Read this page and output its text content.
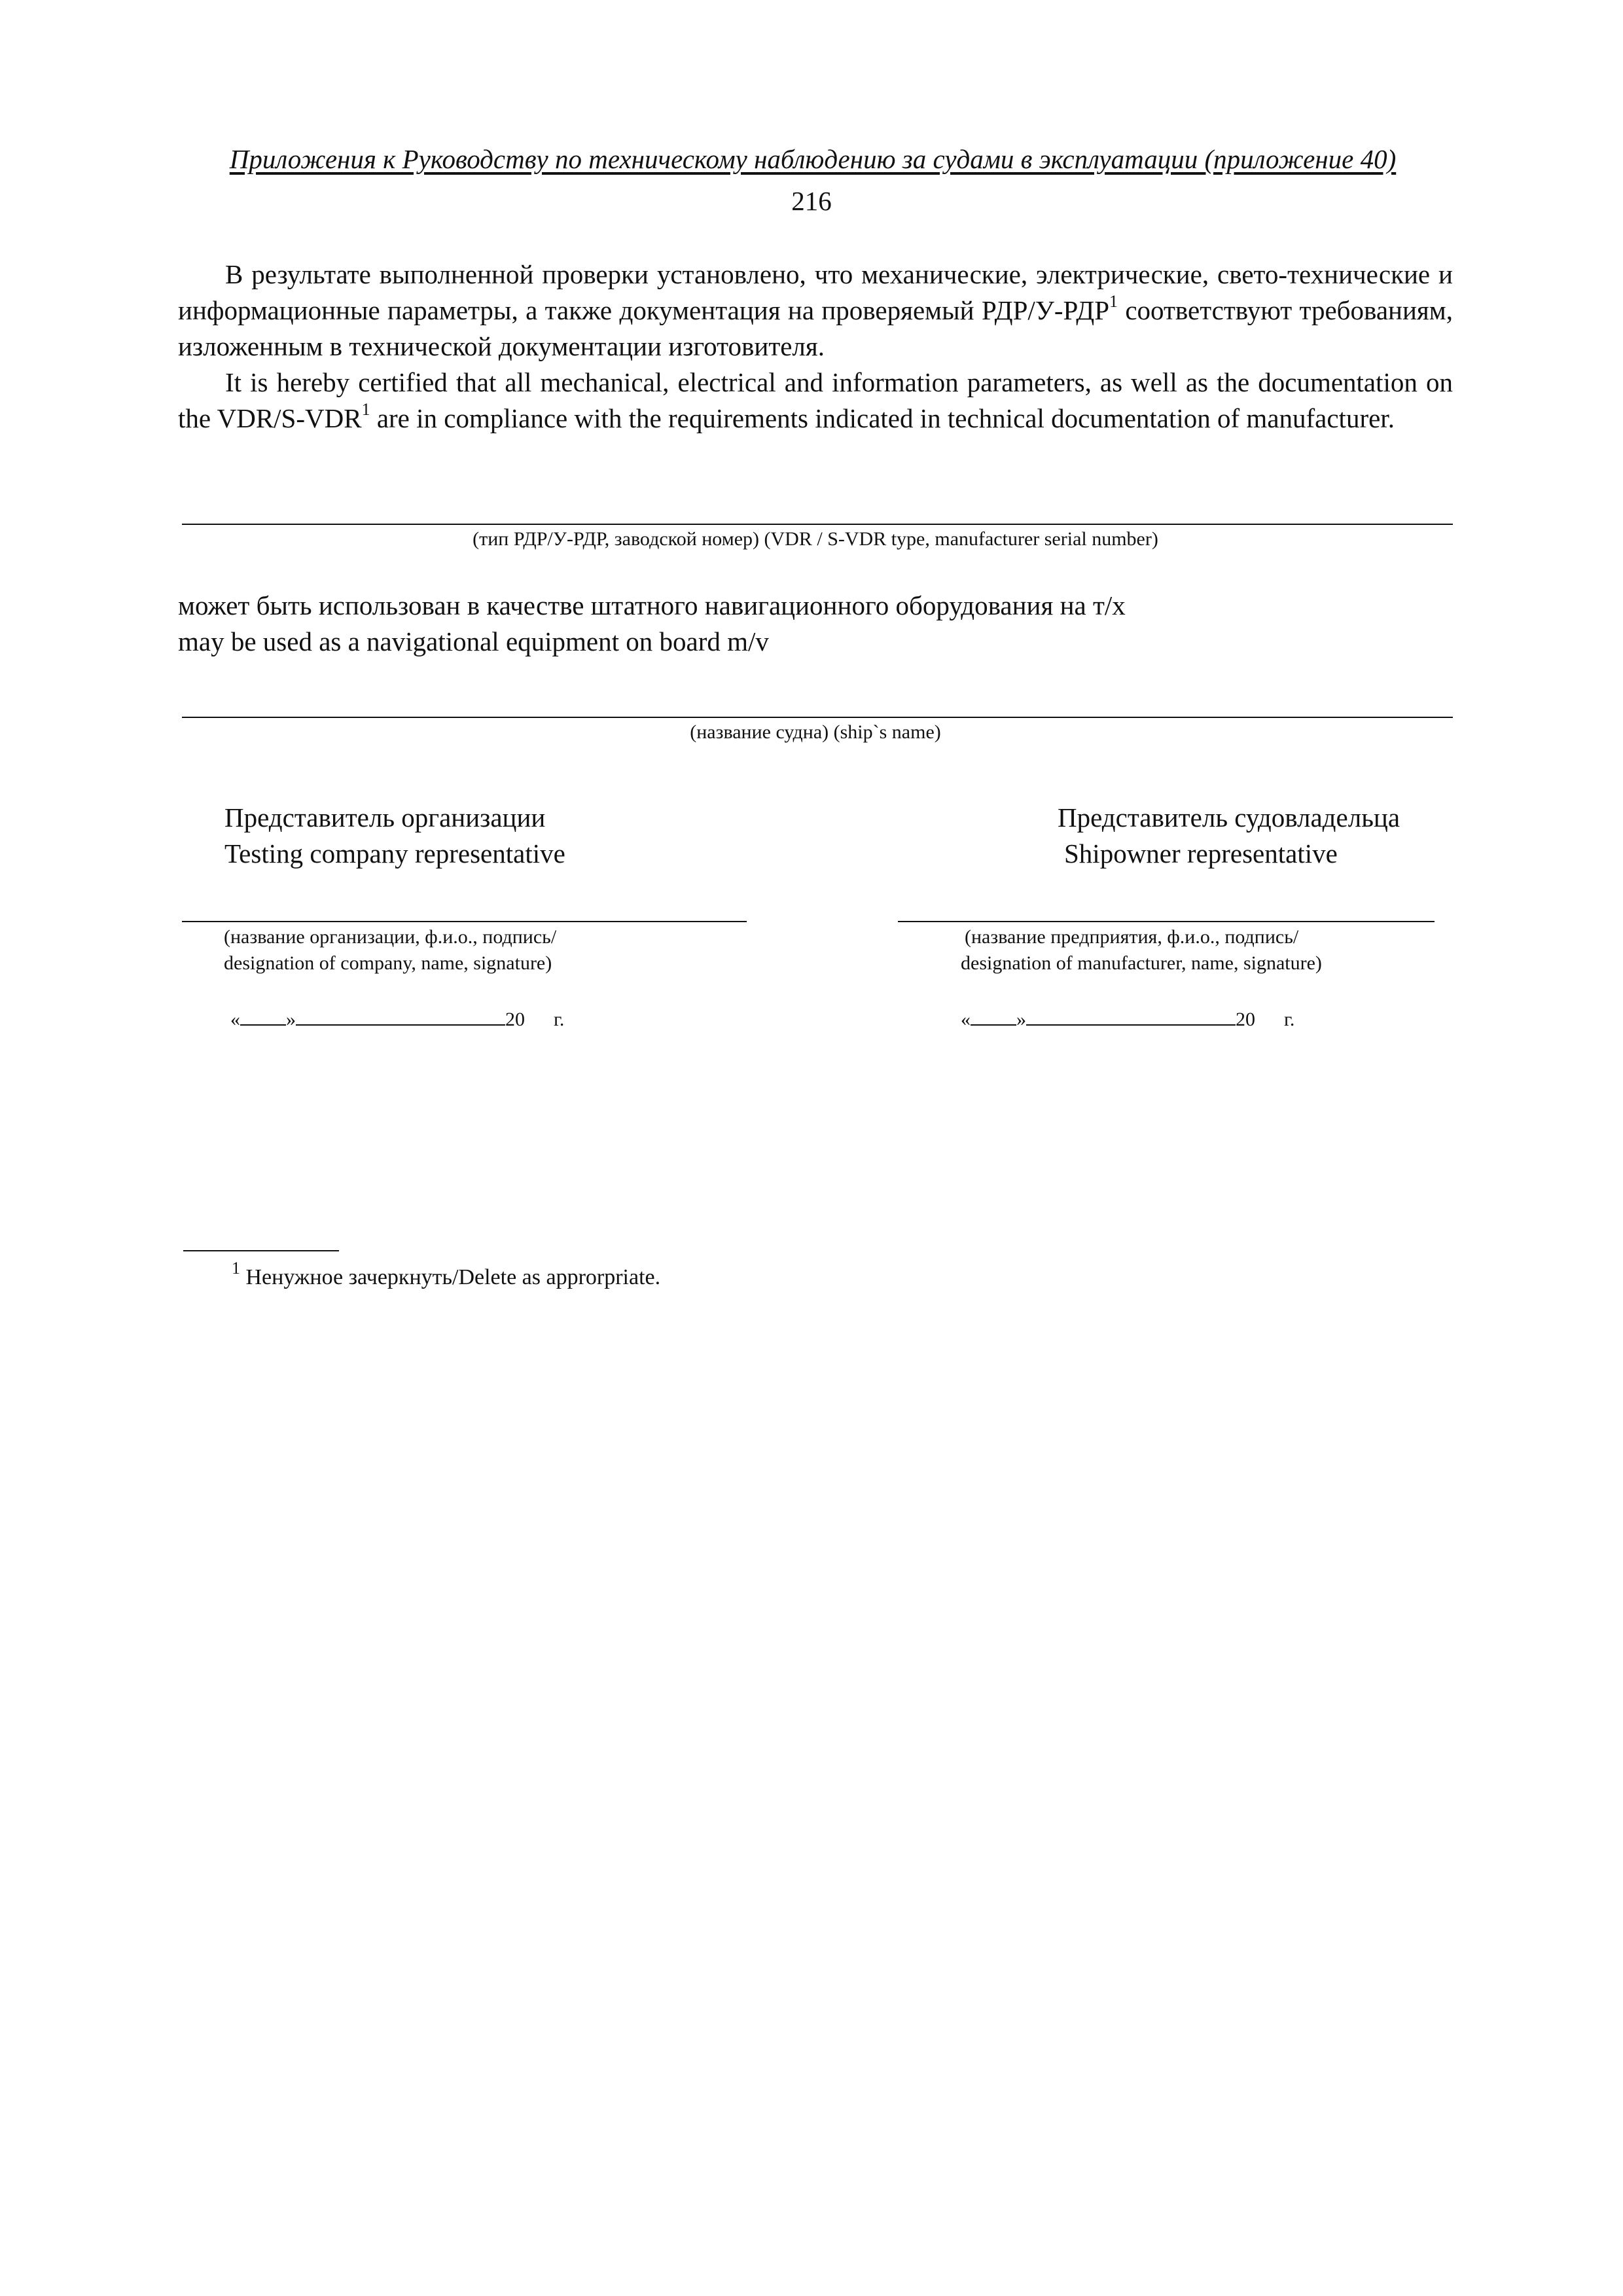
Приложения к Руководству по техническому наблюдению за судами в эксплуатации (приложение 40)
216
В результате выполненной проверки установлено, что механические, электрические, свето-технические и информационные параметры, а также документация на проверяемый РДР/У-РДР$^1$ соответствуют требованиям, изложенным в технической документации изготовителя.
It is hereby certified that all mechanical, electrical and information parameters, as well as the documentation on the VDR/S-VDR$^1$ are in compliance with the requirements indicated in technical documentation of manufacturer.
(тип РДР/У-РДР, заводской номер) (VDR / S-VDR type, manufacturer serial number)
может быть использован в качестве штатного навигационного оборудования на т/х
may be used as a navigational equipment on board m/v
(название судна) (ship`s name)
Представитель организации
Testing company representative
(название организации, ф.и.о., подпись/
designation of company, name, signature)
« »	20 г.
Представитель судовладельца
Shipowner representative
(название предприятия, ф.и.о., подпись/
designation of manufacturer, name, signature)
« »	20 г.
$^1$ Ненужное зачеркнуть/Delete as approrpriate.
